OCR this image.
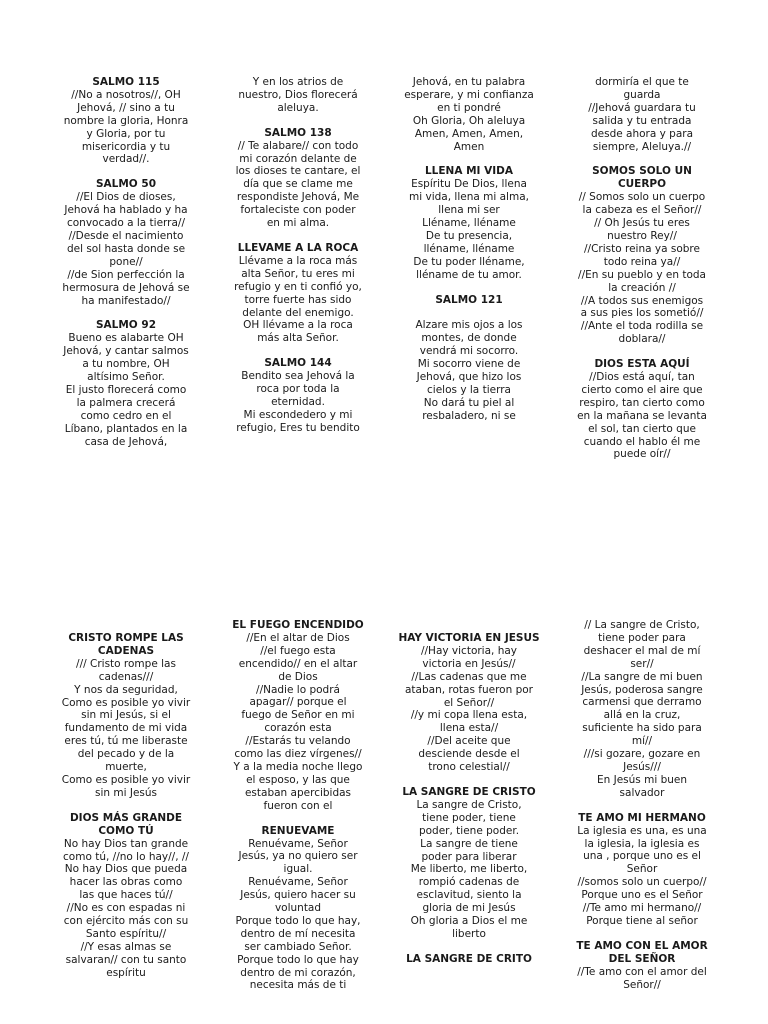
SALMO 115
//No a nosotros//, OH
Jehová, // sino a tu
nombre la gloria, Honra
y Gloria, por tu
misericordia y tu
verdad//.
SALMO 50
//El Dios de dioses,
Jehová ha hablado y ha
convocado a la tierra//
//Desde el nacimiento
del sol hasta donde se
pone//
//de Sion perfección la
hermosura de Jehová se
ha manifestado//
SALMO 92
Bueno es alabarte OH
Jehová, y cantar salmos
a tu nombre, OH
altísimo Señor.
El justo florecerá como
la palmera crecerá
como cedro en el
Líbano, plantados en la
casa de Jehová,
Y en los atrios de
nuestro, Dios florecerá
aleluya.
SALMO 138
// Te alabare// con todo
mi corazón delante de
los dioses te cantare, el
día que se clame me
respondiste Jehová, Me
fortaleciste con poder
en mi alma.
LLEVAME A LA ROCA
Llévame a la roca más
alta Señor, tu eres mi
refugio y en ti confió yo,
torre fuerte has sido
delante del enemigo.
OH llévame a la roca
más alta Señor.
SALMO 144
Bendito sea Jehová la
roca por toda la
eternidad.
Mi escondedero y mi
refugio, Eres tu bendito
Jehová, en tu palabra
esperare, y mi confianza
en ti pondré
Oh Gloria, Oh aleluya
Amen, Amen, Amen,
Amen
LLENA MI VIDA
Espíritu De Dios, llena
mi vida, llena mi alma,
llena mi ser
Lléname, lléname
De tu presencia,
lléname, lléname
De tu poder lléname,
lléname de tu amor.
SALMO 121

Alzare mis ojos a los
montes, de donde
vendrá mi socorro.
Mi socorro viene de
Jehová, que hizo los
cielos y la tierra
No dará tu piel al
resbaladero, ni se
dormiría el que te
guarda
//Jehová guardara tu
salida y tu entrada
desde ahora y para
siempre, Aleluya.//
SOMOS SOLO UN CUERPO
// Somos solo un cuerpo
la cabeza es el Señor//
// Oh Jesús tu eres
nuestro Rey//
//Cristo reina ya sobre
todo reina ya//
//En su pueblo y en toda
la creación //
//A todos sus enemigos
a sus pies los sometió//
//Ante el toda rodilla se
doblara//
DIOS ESTA AQUÍ
//Dios está aquí, tan
cierto como el aire que
respiro, tan cierto como
en la mañana se levanta
el sol, tan cierto que
cuando el hablo él me
puede oír//
CRISTO ROMPE LAS CADENAS
/// Cristo rompe las
cadenas///
Y nos da seguridad,
Como es posible yo vivir
sin mi Jesús, si el
fundamento de mi vida
eres tú, tú me liberaste
del pecado y de la
muerte,
Como es posible yo vivir
sin mi Jesús
DIOS MÁS GRANDE COMO TÚ
No hay Dios tan grande
como tú, //no lo hay//, //
No hay Dios que pueda
hacer las obras como
las que haces tú//
//No es con espadas ni
con ejército más con su
Santo espíritu//
//Y esas almas se
salvaran// con tu santo
espíritu
EL FUEGO ENCENDIDO
//En el altar de Dios
//el fuego esta
encendido// en el altar
de Dios
//Nadie lo podrá
apagar// porque el
fuego de Señor en mi
corazón esta
//Estarás tu velando
como las diez vírgenes//
Y a la media noche llego
el esposo, y las que
estaban apercibidas
fueron con el
RENUEVAME
Renuévame, Señor
Jesús, ya no quiero ser
igual.
Renuévame, Señor
Jesús, quiero hacer su
voluntad
Porque todo lo que hay,
dentro de mí necesita
ser cambiado Señor.
Porque todo lo que hay
dentro de mi corazón,
necesita más de ti
HAY VICTORIA EN JESUS
//Hay victoria, hay
victoria en Jesús//
//Las cadenas que me
ataban, rotas fueron por
el Señor//
//y mi copa llena esta,
llena esta//
//Del aceite que
desciende desde el
trono celestial//
LA SANGRE DE CRISTO
La sangre de Cristo,
tiene poder, tiene
poder, tiene poder.
La sangre de tiene
poder para liberar
Me liberto, me liberto,
rompió cadenas de
esclavitud, siento la
gloria de mi Jesús
Oh gloria a Dios el me
liberto
LA SANGRE DE CRITO
// La sangre de Cristo,
tiene poder para
deshacer el mal de mí
ser//
//La sangre de mi buen
Jesús, poderosa sangre
carmensi que derramo
allá en la cruz,
suficiente ha sido para
mí//
///si gozare, gozare en
Jesús///
En Jesús mi buen
salvador
TE AMO MI HERMANO
La iglesia es una, es una
la iglesia, la iglesia es
una , porque uno es el
Señor
//somos solo un cuerpo//
Porque uno es el Señor
//Te amo mi hermano//
Porque tiene al señor
TE AMO CON EL AMOR DEL SEÑOR
//Te amo con el amor del
Señor//
